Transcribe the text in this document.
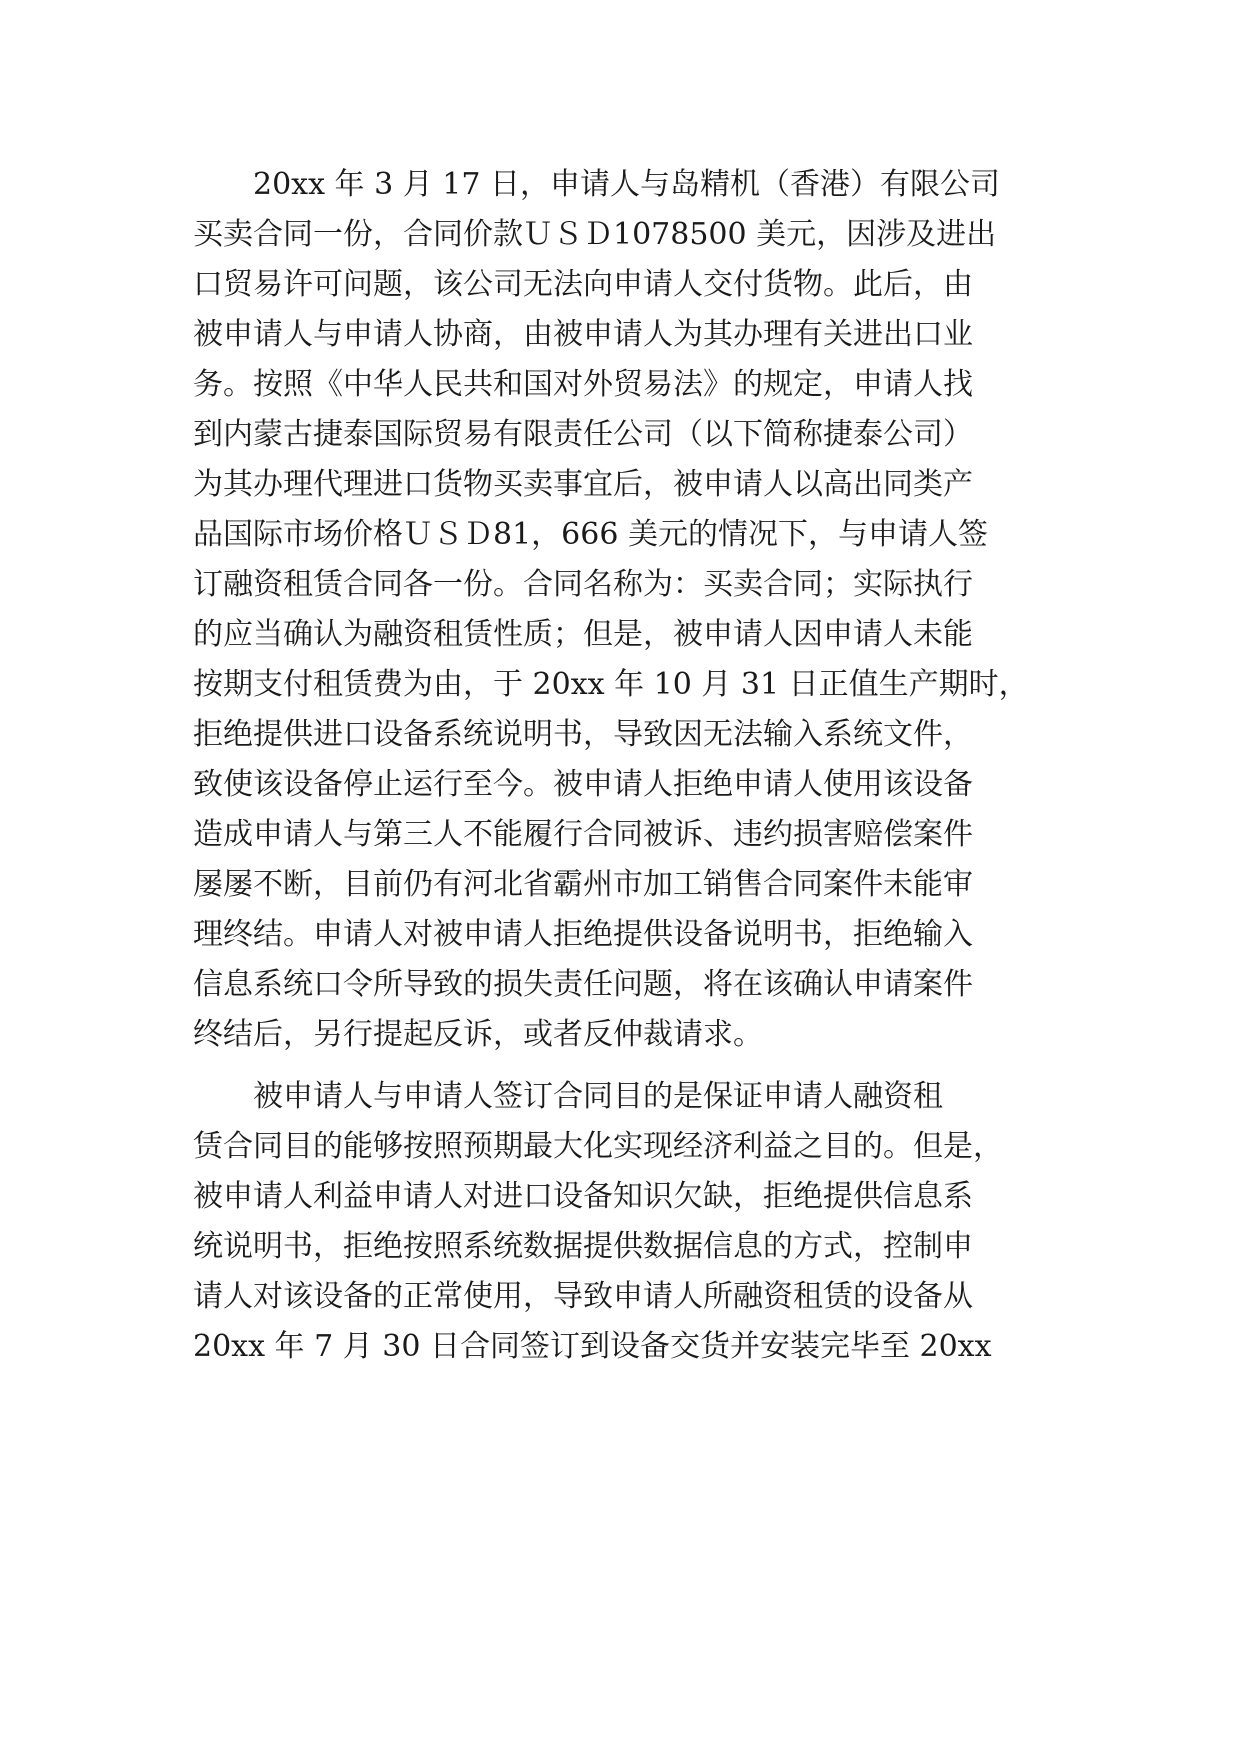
20xx 年 3 月 17 日，申请人与岛精机（香港）有限公司
买卖合同一份，合同价款ＵＳＤ1078500 美元，因涉及进出
口贸易许可问题，该公司无法向申请人交付货物。此后，由
被申请人与申请人协商，由被申请人为其办理有关进出口业
务。按照《中华人民共和国对外贸易法》的规定，申请人找
到内蒙古捷泰国际贸易有限责任公司（以下简称捷泰公司）
为其办理代理进口货物买卖事宜后，被申请人以高出同类产
品国际市场价格ＵＳＤ81，666 美元的情况下，与申请人签
订融资租赁合同各一份。合同名称为：买卖合同；实际执行
的应当确认为融资租赁性质；但是，被申请人因申请人未能
按期支付租赁费为由，于 20xx 年 10 月 31 日正值生产期时，
拒绝提供进口设备系统说明书，导致因无法输入系统文件，
致使该设备停止运行至今。被申请人拒绝申请人使用该设备
造成申请人与第三人不能履行合同被诉、违约损害赔偿案件
屡屡不断，目前仍有河北省霸州市加工销售合同案件未能审
理终结。申请人对被申请人拒绝提供设备说明书，拒绝输入
信息系统口令所导致的损失责任问题，将在该确认申请案件
终结后，另行提起反诉，或者反仲裁请求。
被申请人与申请人签订合同目的是保证申请人融资租
赁合同目的能够按照预期最大化实现经济利益之目的。但是，
被申请人利益申请人对进口设备知识欠缺，拒绝提供信息系
统说明书，拒绝按照系统数据提供数据信息的方式，控制申
请人对该设备的正常使用，导致申请人所融资租赁的设备从
20xx 年 7 月 30 日合同签订到设备交货并安装完毕至 20xx
